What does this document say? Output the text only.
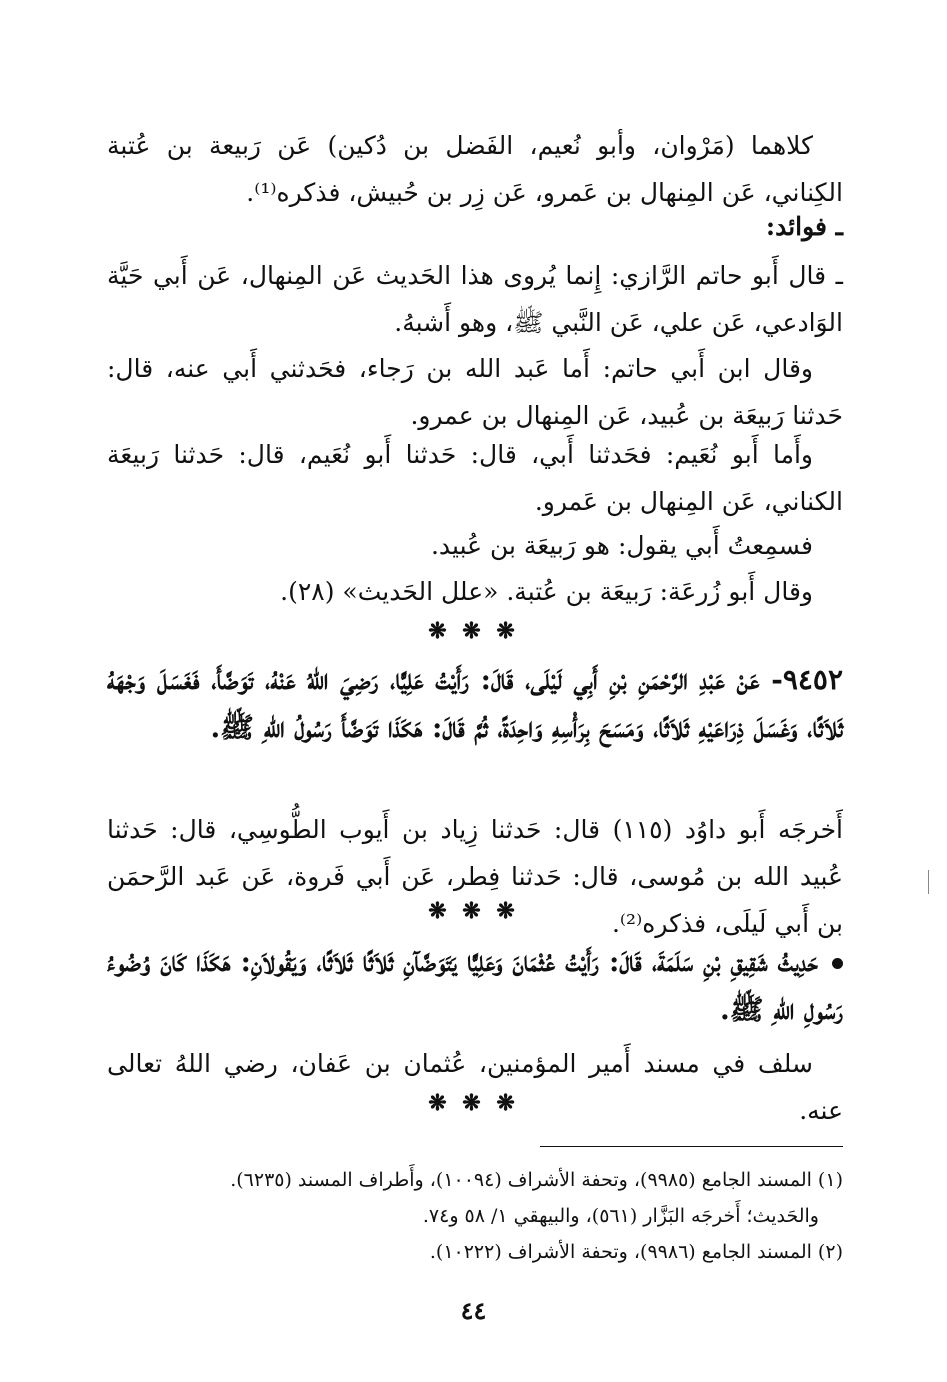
كلاهما (مَرْوان، وأبو نُعيم، الفَضل بن دُكين) عَن رَبيعة بن عُتبة الكِناني، عَن المِنهال بن عَمرو، عَن زِر بن حُبيش، فذكره⁽¹⁾.

ـ فوائد:

ـ قال أَبو حاتم الرَّازي: إِنما يُروى هذا الحَديث عَن المِنهال، عَن أَبي حَيَّة الوَادعي، عَن علي، عَن النَّبي ﷺ، وهو أَشبهُ.

وقال ابن أَبي حاتم: أَما عَبد الله بن رَجاء، فحَدثني أَبي عنه، قال: حَدثنا رَبيعَة بن عُبيد، عَن المِنهال بن عمرو.

وأَما أَبو نُعَيم: فحَدثنا أَبي، قال: حَدثنا أَبو نُعَيم، قال: حَدثنا رَبيعَة الكناني، عَن المِنهال بن عَمرو.

فسمِعتُ أَبي يقول: هو رَبيعَة بن عُبيد.

وقال أَبو زُرعَة: رَبيعَة بن عُتبة. «علل الحَديث» (٢٨).

❋ ❋ ❋

٩٤٥٢- عَنْ عَبْدِ الرَّحْمَنِ بْنِ أَبِي لَيْلَى، قَالَ: رَأَيْتُ عَلِيًّا، رَضِيَ اللهُ عَنْهُ، تَوَضَّأَ، فَغَسَلَ وَجْهَهُ ثَلاَثًا، وَغَسَلَ ذِرَاعَيْهِ ثَلاَثًا، وَمَسَحَ بِرَأْسِهِ وَاحِدَةً، ثُمَّ قَالَ: هَكَذَا تَوَضَّأَ رَسُولُ اللهِ ﷺ.

أَخرجَه أَبو داوُد (١١٥) قال: حَدثنا زِياد بن أَيوب الطُّوسِي، قال: حَدثنا عُبيد الله بن مُوسى، قال: حَدثنا فِطر، عَن أَبي فَروة، عَن عَبد الرَّحمَن بن أَبي لَيلَى، فذكره⁽²⁾.

❋ ❋ ❋

حَدِيثُ شَقِيقِ بْنِ سَلَمَةَ، قَالَ: رَأَيْتُ عُثْمَانَ وَعَلِيًّا يَتَوَضَّآنِ ثَلاَثًا ثَلاَثًا، وَيَقُولاَنِ: هَكَذَا كَانَ وُضُوءُ رَسُولِ اللهِ ﷺ.

سلف في مسند أَمير المؤمنين، عُثمان بن عَفان، رضي اللهُ تعالى عنه.

❋ ❋ ❋

(١) المسند الجامع (٩٩٨٥)، وتحفة الأشراف (١٠٠٩٤)، وأَطراف المسند (٦٢٣٥).

والحَديث؛ أَخرجَه البَزَّار (٥٦١)، والبيهقي ١/ ٥٨ و٧٤.

(٢) المسند الجامع (٩٩٨٦)، وتحفة الأشراف (١٠٢٢٢).

٤٤
